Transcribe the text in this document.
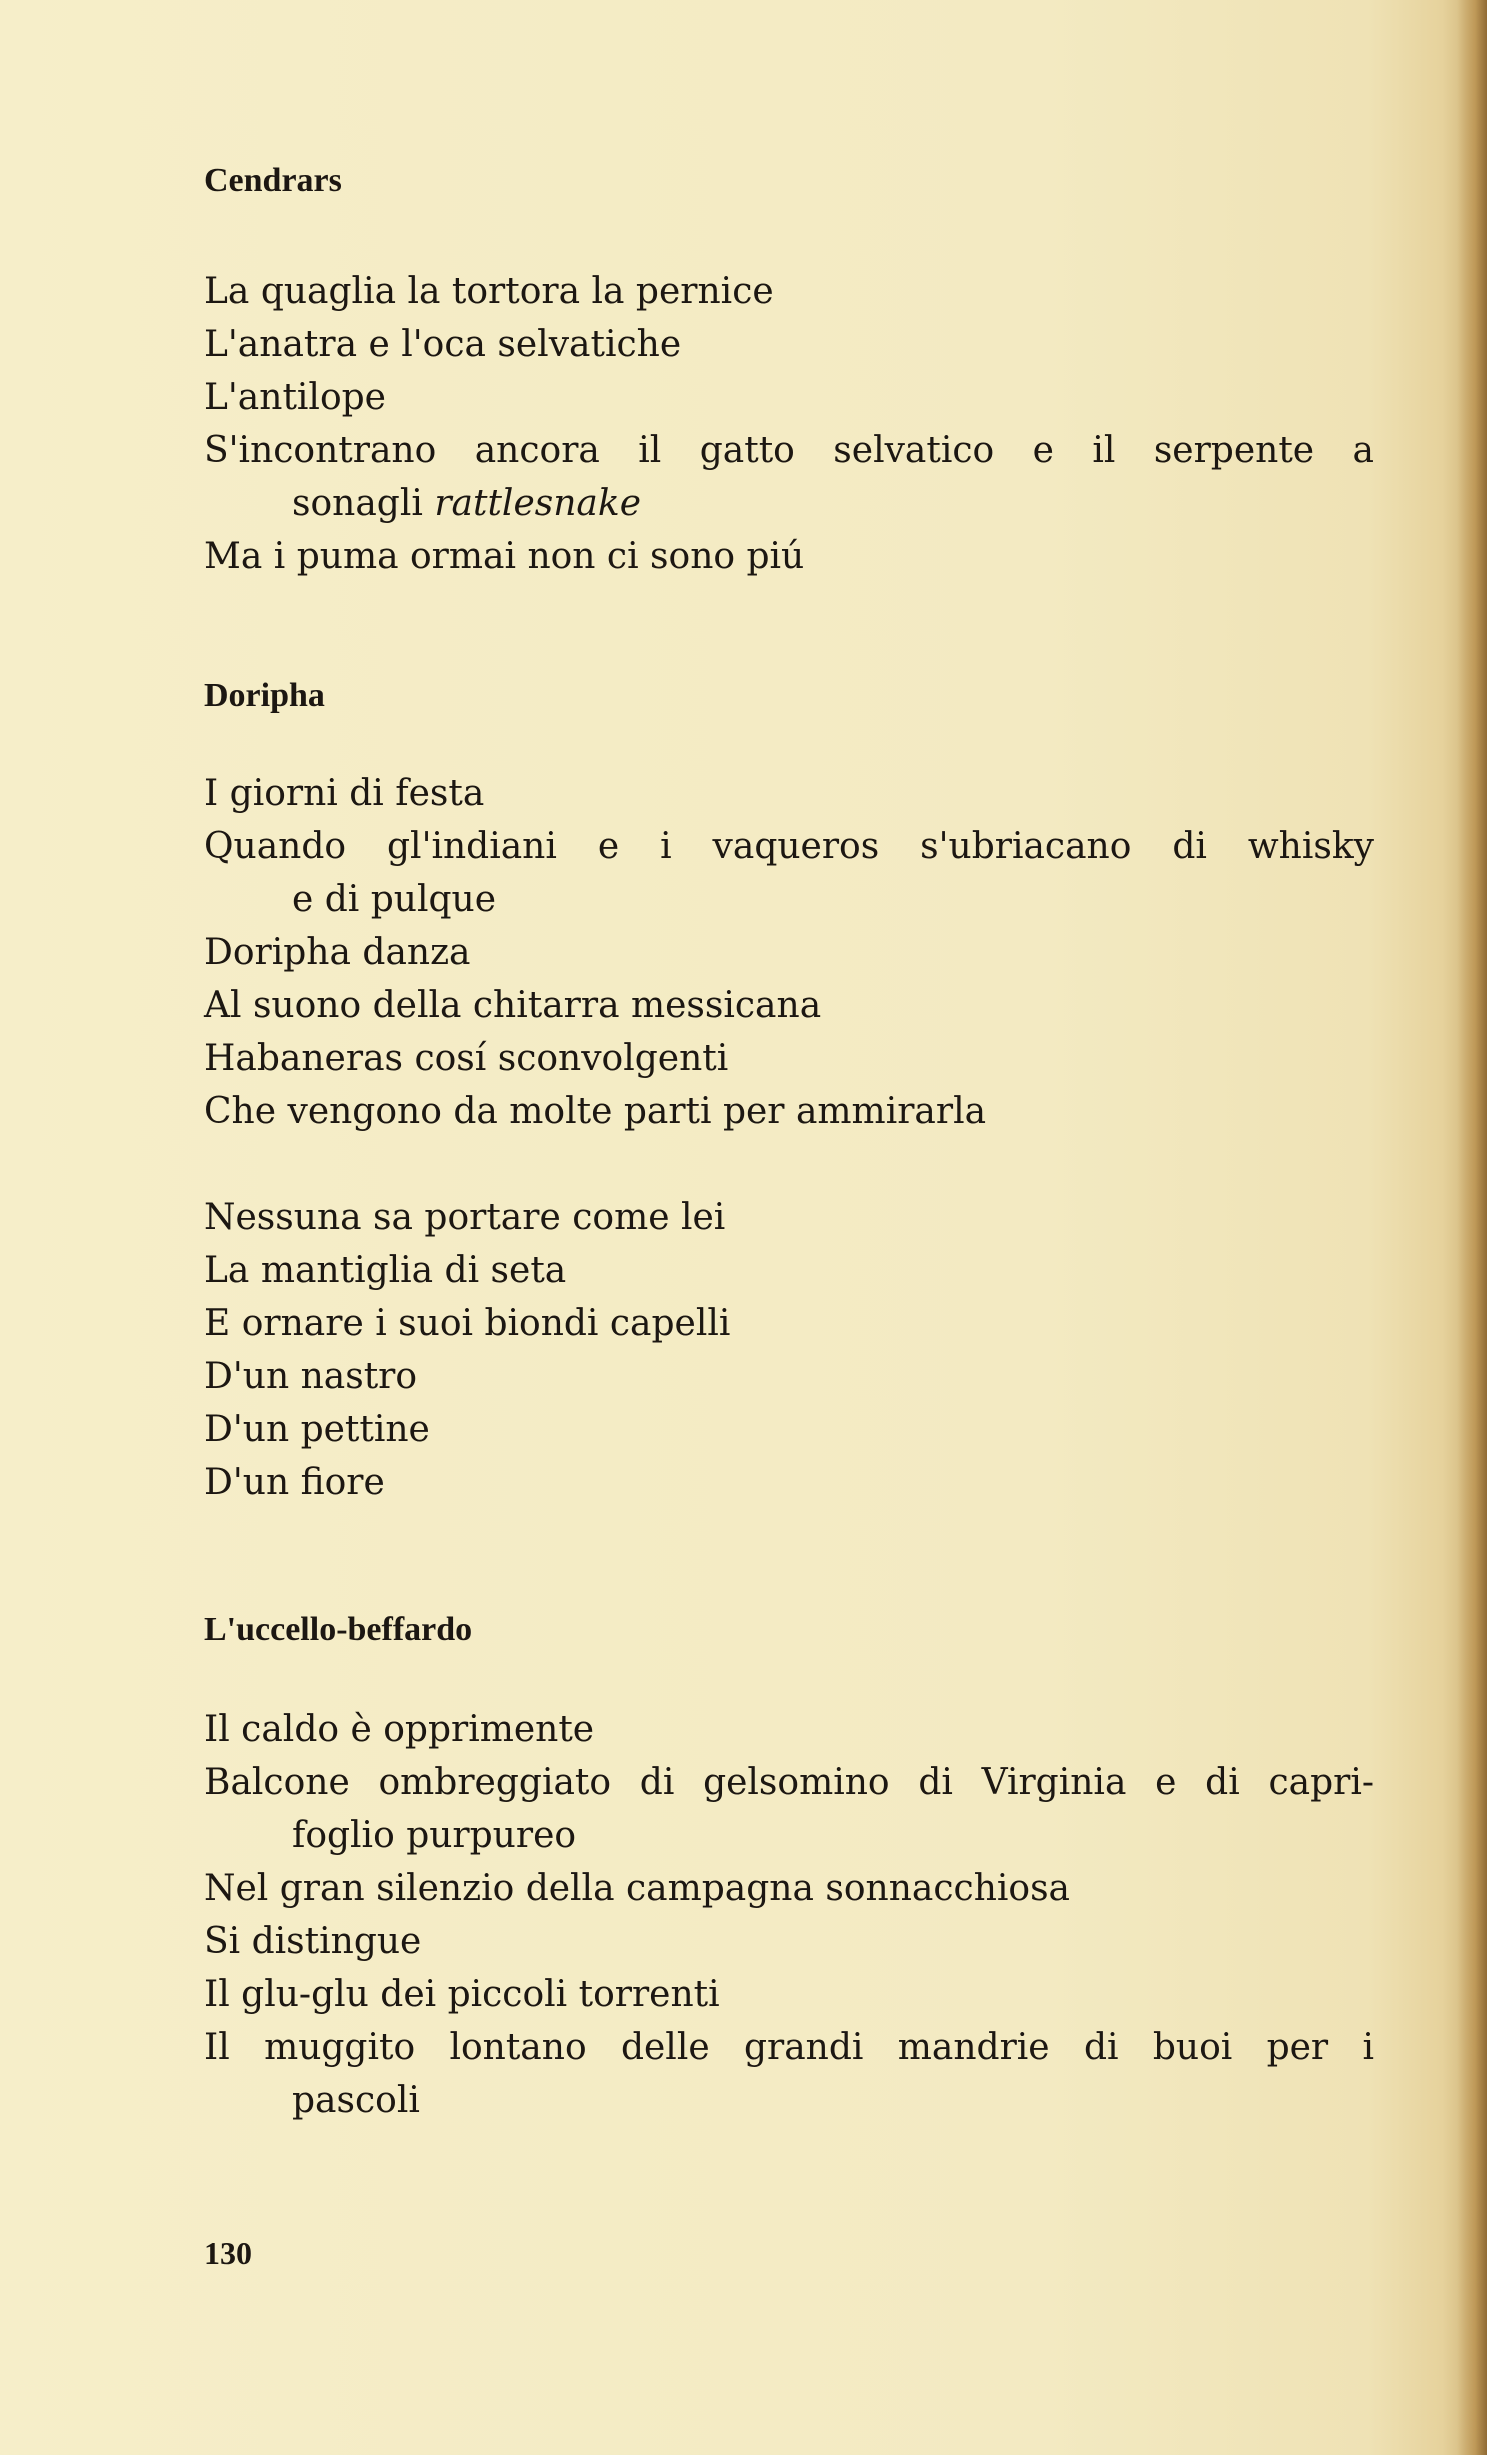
Cendrars
La quaglia la tortora la pernice
L'anatra e l'oca selvatiche
L'antilope
S'incontrano ancora il gatto selvatico e il serpente a
sonagli rattlesnake
Ma i puma ormai non ci sono piú
Doripha
I giorni di festa
Quando gl'indiani e i vaqueros s'ubriacano di whisky
e di pulque
Doripha danza
Al suono della chitarra messicana
Habaneras cosí sconvolgenti
Che vengono da molte parti per ammirarla
Nessuna sa portare come lei
La mantiglia di seta
E ornare i suoi biondi capelli
D'un nastro
D'un pettine
D'un fiore
L'uccello-beffardo
Il caldo è opprimente
Balcone ombreggiato di gelsomino di Virginia e di capri-
foglio purpureo
Nel gran silenzio della campagna sonnacchiosa
Si distingue
Il glu-glu dei piccoli torrenti
Il muggito lontano delle grandi mandrie di buoi per i
pascoli
130
